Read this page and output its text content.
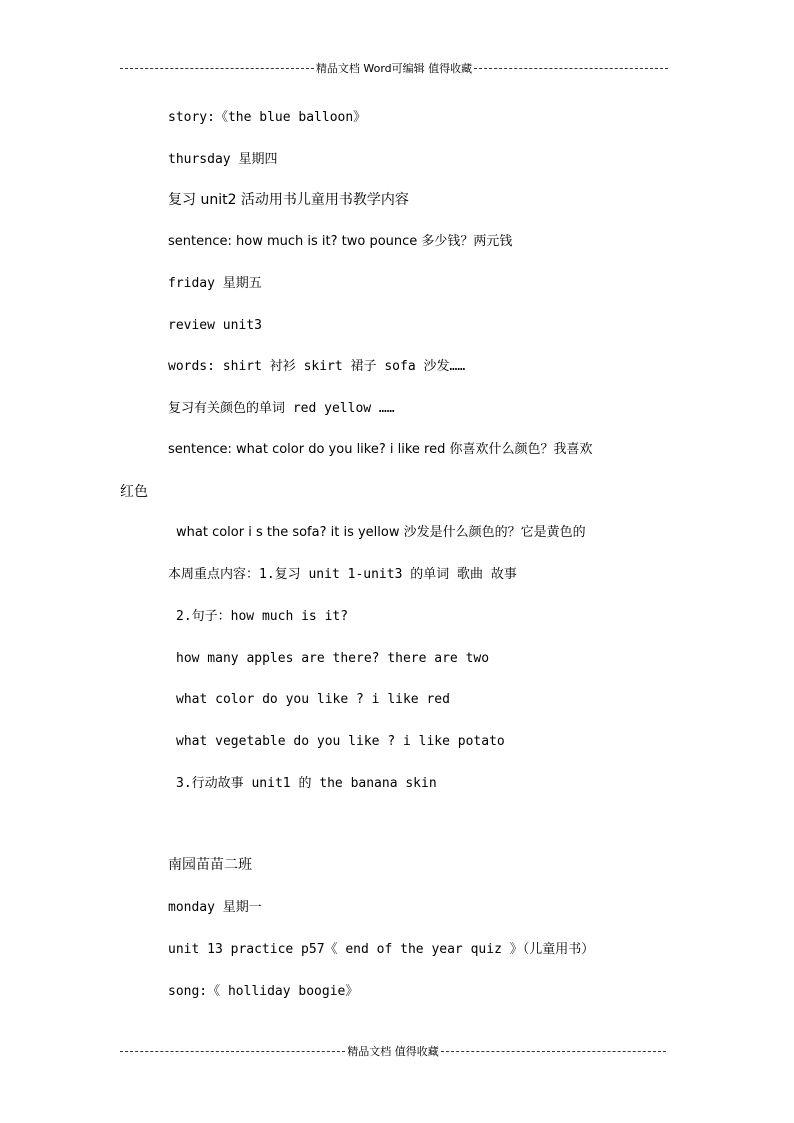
精品文档 Word可编辑 值得收藏
story:《the blue balloon》
thursday 星期四
复习 unit2 活动用书儿童用书教学内容
sentence: how much is it? two pounce 多少钱？两元钱
friday 星期五
review unit3
words: shirt 衬衫 skirt 裙子 sofa 沙发……
复习有关颜色的单词 red yellow ……
sentence: what color do you like? i like red 你喜欢什么颜色？我喜欢
红色
what color i s the sofa? it is yellow 沙发是什么颜色的？它是黄色的
本周重点内容：1.复习 unit 1-unit3 的单词 歌曲 故事
2.句子：how much is it?
how many apples are there? there are two
what color do you like ? i like red
what vegetable do you like ? i like potato
3.行动故事 unit1 的 the banana skin
南园苗苗二班
monday 星期一
unit 13 practice p57《 end of the year quiz 》（儿童用书）
song:《 holliday boogie》
精品文档 值得收藏
